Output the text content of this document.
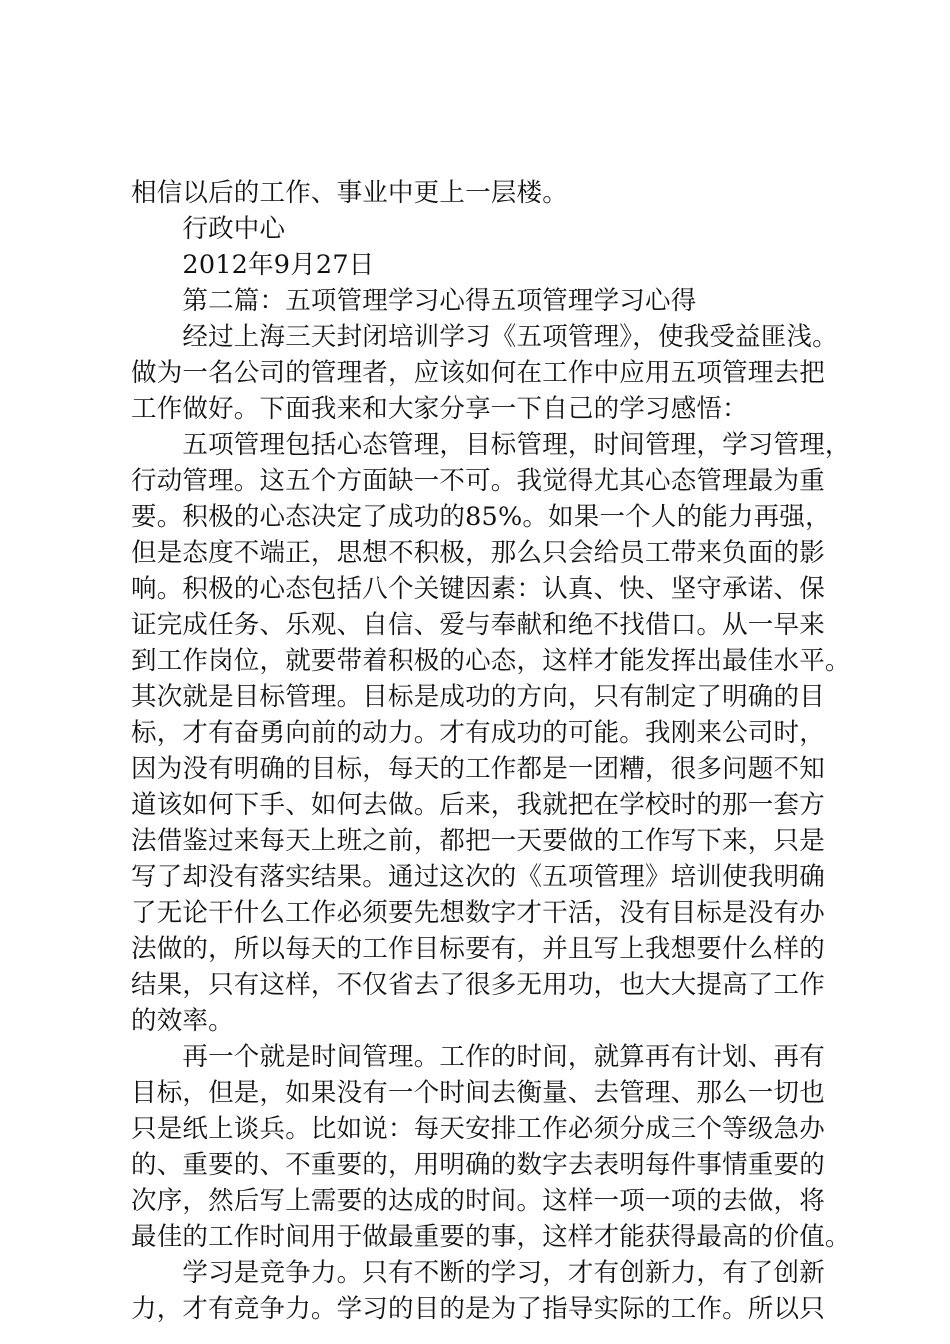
相信以后的工作、事业中更上一层楼。
　　行政中心
　　2012年9月27日
　　第二篇：五项管理学习心得五项管理学习心得
　　经过上海三天封闭培训学习《五项管理》，使我受益匪浅。
做为一名公司的管理者，应该如何在工作中应用五项管理去把
工作做好。下面我来和大家分享一下自己的学习感悟：
　　五项管理包括心态管理，目标管理，时间管理，学习管理，
行动管理。这五个方面缺一不可。我觉得尤其心态管理最为重
要。积极的心态决定了成功的85%。如果一个人的能力再强，
但是态度不端正，思想不积极，那么只会给员工带来负面的影
响。积极的心态包括八个关键因素：认真、快、坚守承诺、保
证完成任务、乐观、自信、爱与奉献和绝不找借口。从一早来
到工作岗位，就要带着积极的心态，这样才能发挥出最佳水平。
其次就是目标管理。目标是成功的方向，只有制定了明确的目
标，才有奋勇向前的动力。才有成功的可能。我刚来公司时，
因为没有明确的目标，每天的工作都是一团糟，很多问题不知
道该如何下手、如何去做。后来，我就把在学校时的那一套方
法借鉴过来每天上班之前，都把一天要做的工作写下来，只是
写了却没有落实结果。通过这次的《五项管理》培训使我明确
了无论干什么工作必须要先想数字才干活，没有目标是没有办
法做的，所以每天的工作目标要有，并且写上我想要什么样的
结果，只有这样，不仅省去了很多无用功，也大大提高了工作
的效率。
　　再一个就是时间管理。工作的时间，就算再有计划、再有
目标，但是，如果没有一个时间去衡量、去管理、那么一切也
只是纸上谈兵。比如说：每天安排工作必须分成三个等级急办
的、重要的、不重要的，用明确的数字去表明每件事情重要的
次序，然后写上需要的达成的时间。这样一项一项的去做，将
最佳的工作时间用于做最重要的事，这样才能获得最高的价值。
　　学习是竞争力。只有不断的学习，才有创新力，有了创新
力，才有竞争力。学习的目的是为了指导实际的工作。所以只
